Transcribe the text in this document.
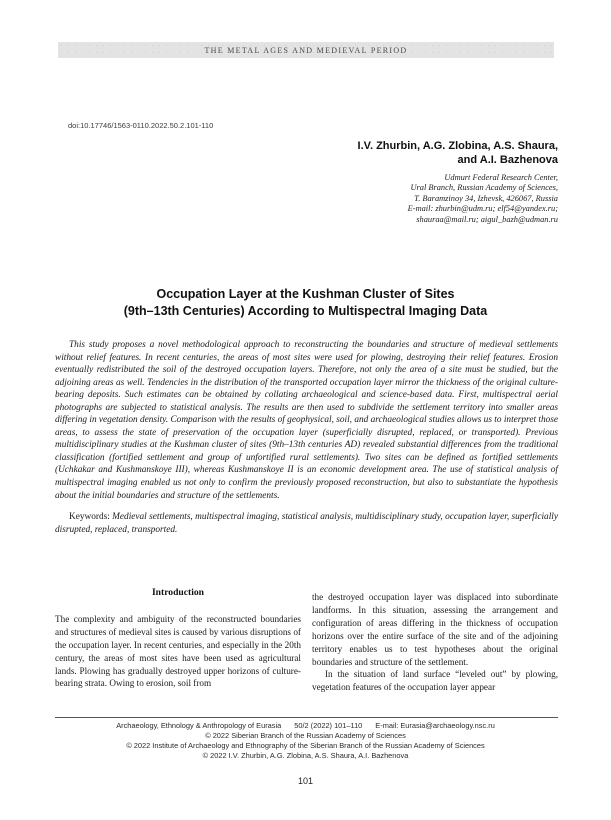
THE METAL AGES AND MEDIEVAL PERIOD
doi:10.17746/1563-0110.2022.50.2.101-110
I.V. Zhurbin, A.G. Zlobina, A.S. Shaura,
and A.I. Bazhenova
Udmurt Federal Research Center,
Ural Branch, Russian Academy of Sciences,
T. Baramzinoy 34, Izhevsk, 426067, Russia
E-mail: zhurbin@udm.ru; elf54@yandex.ru;
shauraa@mail.ru; aigul_bazh@udman.ru
Occupation Layer at the Kushman Cluster of Sites
(9th–13th Centuries) According to Multispectral Imaging Data

This study proposes a novel methodological approach to reconstructing the boundaries and structure of medieval settlements without relief features. In recent centuries, the areas of most sites were used for plowing, destroying their relief features. Erosion eventually redistributed the soil of the destroyed occupation layers. Therefore, not only the area of a site must be studied, but the adjoining areas as well. Tendencies in the distribution of the transported occupation layer mirror the thickness of the original culture-bearing deposits. Such estimates can be obtained by collating archaeological and science-based data. First, multispectral aerial photographs are subjected to statistical analysis. The results are then used to subdivide the settlement territory into smaller areas differing in vegetation density. Comparison with the results of geophysical, soil, and archaeological studies allows us to interpret those areas, to assess the state of preservation of the occupation layer (superficially disrupted, replaced, or transported). Previous multidisciplinary studies at the Kushman cluster of sites (9th–13th centuries AD) revealed substantial differences from the traditional classification (fortified settlement and group of unfortified rural settlements). Two sites can be defined as fortified settlements (Uchkakar and Kushmanskoye III), whereas Kushmanskoye II is an economic development area. The use of statistical analysis of multispectral imaging enabled us not only to confirm the previously proposed reconstruction, but also to substantiate the hypothesis about the initial boundaries and structure of the settlements.

Keywords: Medieval settlements, multispectral imaging, statistical analysis, multidisciplinary study, occupation layer, superficially disrupted, replaced, transported.

Introduction

The complexity and ambiguity of the reconstructed boundaries and structures of medieval sites is caused by various disruptions of the occupation layer. In recent centuries, and especially in the 20th century, the areas of most sites have been used as agricultural lands. Plowing has gradually destroyed upper horizons of culture-bearing strata. Owing to erosion, soil from

the destroyed occupation layer was displaced into subordinate landforms. In this situation, assessing the arrangement and configuration of areas differing in the thickness of occupation horizons over the entire surface of the site and of the adjoining territory enables us to test hypotheses about the original boundaries and structure of the settlement.

In the situation of land surface “leveled out” by plowing, vegetation features of the occupation layer appear

Archaeology, Ethnology & Anthropology of Eurasia 50/2 (2022) 101–110 E-mail: Eurasia@archaeology.nsc.ru
© 2022 Siberian Branch of the Russian Academy of Sciences
© 2022 Institute of Archaeology and Ethnography of the Siberian Branch of the Russian Academy of Sciences
© 2022 I.V. Zhurbin, A.G. Zlobina, A.S. Shaura, A.I. Bazhenova
101
